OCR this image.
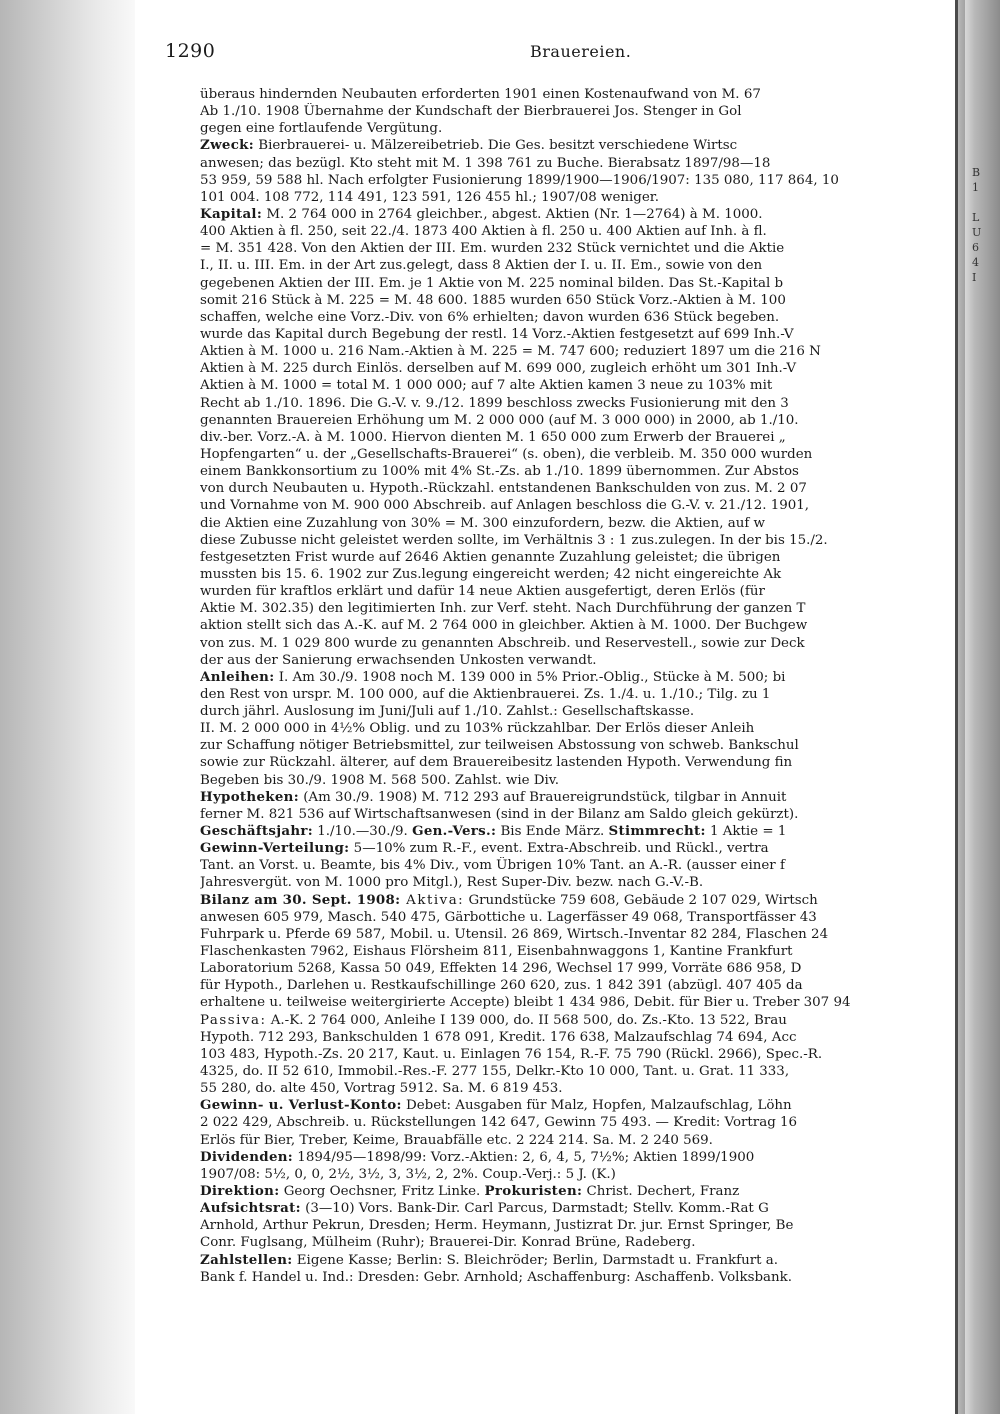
B
1
L
U
6
4
I
1290	Brauereien.
überaus hindernden Neubauten erforderten 1901 einen Kostenaufwand von M. 67
Ab 1./10. 1908 Übernahme der Kundschaft der Bierbrauerei Jos. Stenger in Gol
gegen eine fortlaufende Vergütung.
Zweck: Bierbrauerei- u. Mälzereibetrieb. Die Ges. besitzt verschiedene Wirtsc
anwesen; das bezügl. Kto steht mit M. 1 398 761 zu Buche. Bierabsatz 1897/98—18
53 959, 59 588 hl. Nach erfolgter Fusionierung 1899/1900—1906/1907: 135 080, 117 864, 10
101 004. 108 772, 114 491, 123 591, 126 455 hl.; 1907/08 weniger.
Kapital: M. 2 764 000 in 2764 gleichber., abgest. Aktien (Nr. 1—2764) à M. 1000.
400 Aktien à fl. 250, seit 22./4. 1873 400 Aktien à fl. 250 u. 400 Aktien auf Inh. à fl.
= M. 351 428. Von den Aktien der III. Em. wurden 232 Stück vernichtet und die Aktie
I., II. u. III. Em. in der Art zus.gelegt, dass 8 Aktien der I. u. II. Em., sowie von den
gegebenen Aktien der III. Em. je 1 Aktie von M. 225 nominal bilden. Das St.-Kapital b
somit 216 Stück à M. 225 = M. 48 600. 1885 wurden 650 Stück Vorz.-Aktien à M. 100
schaffen, welche eine Vorz.-Div. von 6% erhielten; davon wurden 636 Stück begeben.
wurde das Kapital durch Begebung der restl. 14 Vorz.-Aktien festgesetzt auf 699 Inh.-V
Aktien à M. 1000 u. 216 Nam.-Aktien à M. 225 = M. 747 600; reduziert 1897 um die 216 N
Aktien à M. 225 durch Einlös. derselben auf M. 699 000, zugleich erhöht um 301 Inh.-V
Aktien à M. 1000 = total M. 1 000 000; auf 7 alte Aktien kamen 3 neue zu 103% mit
Recht ab 1./10. 1896. Die G.-V. v. 9./12. 1899 beschloss zwecks Fusionierung mit den 3
genannten Brauereien Erhöhung um M. 2 000 000 (auf M. 3 000 000) in 2000, ab 1./10.
div.-ber. Vorz.-A. à M. 1000. Hiervon dienten M. 1 650 000 zum Erwerb der Brauerei „
Hopfengarten“ u. der „Gesellschafts-Brauerei“ (s. oben), die verbleib. M. 350 000 wurden
einem Bankkonsortium zu 100% mit 4% St.-Zs. ab 1./10. 1899 übernommen. Zur Abstos
von durch Neubauten u. Hypoth.-Rückzahl. entstandenen Bankschulden von zus. M. 2 07
und Vornahme von M. 900 000 Abschreib. auf Anlagen beschloss die G.-V. v. 21./12. 1901,
die Aktien eine Zuzahlung von 30% = M. 300 einzufordern, bezw. die Aktien, auf w
diese Zubusse nicht geleistet werden sollte, im Verhältnis 3 : 1 zus.zulegen. In der bis 15./2.
festgesetzten Frist wurde auf 2646 Aktien genannte Zuzahlung geleistet; die übrigen
mussten bis 15. 6. 1902 zur Zus.legung eingereicht werden; 42 nicht eingereichte Ak
wurden für kraftlos erklärt und dafür 14 neue Aktien ausgefertigt, deren Erlös (für
Aktie M. 302.35) den legitimierten Inh. zur Verf. steht. Nach Durchführung der ganzen T
aktion stellt sich das A.-K. auf M. 2 764 000 in gleichber. Aktien à M. 1000. Der Buchgew
von zus. M. 1 029 800 wurde zu genannten Abschreib. und Reservestell., sowie zur Deck
der aus der Sanierung erwachsenden Unkosten verwandt.
Anleihen: I. Am 30./9. 1908 noch M. 139 000 in 5% Prior.-Oblig., Stücke à M. 500; bi
den Rest von urspr. M. 100 000, auf die Aktienbrauerei. Zs. 1./4. u. 1./10.; Tilg. zu 1
durch jährl. Auslosung im Juni/Juli auf 1./10. Zahlst.: Gesellschaftskasse.
II. M. 2 000 000 in 4½% Oblig. und zu 103% rückzahlbar. Der Erlös dieser Anleih
zur Schaffung nötiger Betriebsmittel, zur teilweisen Abstossung von schweb. Bankschul
sowie zur Rückzahl. älterer, auf dem Brauereibesitz lastenden Hypoth. Verwendung fin
Begeben bis 30./9. 1908 M. 568 500. Zahlst. wie Div.
Hypotheken: (Am 30./9. 1908) M. 712 293 auf Brauereigrundstück, tilgbar in Annuit
ferner M. 821 536 auf Wirtschaftsanwesen (sind in der Bilanz am Saldo gleich gekürzt).
Geschäftsjahr: 1./10.—30./9. Gen.-Vers.: Bis Ende März. Stimmrecht: 1 Aktie = 1
Gewinn-Verteilung: 5—10% zum R.-F., event. Extra-Abschreib. und Rückl., vertra
Tant. an Vorst. u. Beamte, bis 4% Div., vom Übrigen 10% Tant. an A.-R. (ausser einer f
Jahresvergüt. von M. 1000 pro Mitgl.), Rest Super-Div. bezw. nach G.-V.-B.
Bilanz am 30. Sept. 1908: Aktiva: Grundstücke 759 608, Gebäude 2 107 029, Wirtsch
anwesen 605 979, Masch. 540 475, Gärbottiche u. Lagerfässer 49 068, Transportfässer 43
Fuhrpark u. Pferde 69 587, Mobil. u. Utensil. 26 869, Wirtsch.-Inventar 82 284, Flaschen 24
Flaschenkasten 7962, Eishaus Flörsheim 811, Eisenbahnwaggons 1, Kantine Frankfurt
Laboratorium 5268, Kassa 50 049, Effekten 14 296, Wechsel 17 999, Vorräte 686 958, D
für Hypoth., Darlehen u. Restkaufschillinge 260 620, zus. 1 842 391 (abzügl. 407 405 da
erhaltene u. teilweise weitergirierte Accepte) bleibt 1 434 986, Debit. für Bier u. Treber 307 94
Passiva: A.-K. 2 764 000, Anleihe I 139 000, do. II 568 500, do. Zs.-Kto. 13 522, Brau
Hypoth. 712 293, Bankschulden 1 678 091, Kredit. 176 638, Malzaufschlag 74 694, Acc
103 483, Hypoth.-Zs. 20 217, Kaut. u. Einlagen 76 154, R.-F. 75 790 (Rückl. 2966), Spec.-R.
4325, do. II 52 610, Immobil.-Res.-F. 277 155, Delkr.-Kto 10 000, Tant. u. Grat. 11 333,
55 280, do. alte 450, Vortrag 5912. Sa. M. 6 819 453.
Gewinn- u. Verlust-Konto: Debet: Ausgaben für Malz, Hopfen, Malzaufschlag, Löhn
2 022 429, Abschreib. u. Rückstellungen 142 647, Gewinn 75 493. — Kredit: Vortrag 16
Erlös für Bier, Treber, Keime, Brauabfälle etc. 2 224 214. Sa. M. 2 240 569.
Dividenden: 1894/95—1898/99: Vorz.-Aktien: 2, 6, 4, 5, 7½%; Aktien 1899/1900
1907/08: 5½, 0, 0, 2½, 3½, 3, 3½, 2, 2%. Coup.-Verj.: 5 J. (K.)
Direktion: Georg Oechsner, Fritz Linke. Prokuristen: Christ. Dechert, Franz
Aufsichtsrat: (3—10) Vors. Bank-Dir. Carl Parcus, Darmstadt; Stellv. Komm.-Rat G
Arnhold, Arthur Pekrun, Dresden; Herm. Heymann, Justizrat Dr. jur. Ernst Springer, Be
Conr. Fuglsang, Mülheim (Ruhr); Brauerei-Dir. Konrad Brüne, Radeberg.
Zahlstellen: Eigene Kasse; Berlin: S. Bleichröder; Berlin, Darmstadt u. Frankfurt a.
Bank f. Handel u. Ind.: Dresden: Gebr. Arnhold; Aschaffenburg: Aschaffenb. Volksbank.
